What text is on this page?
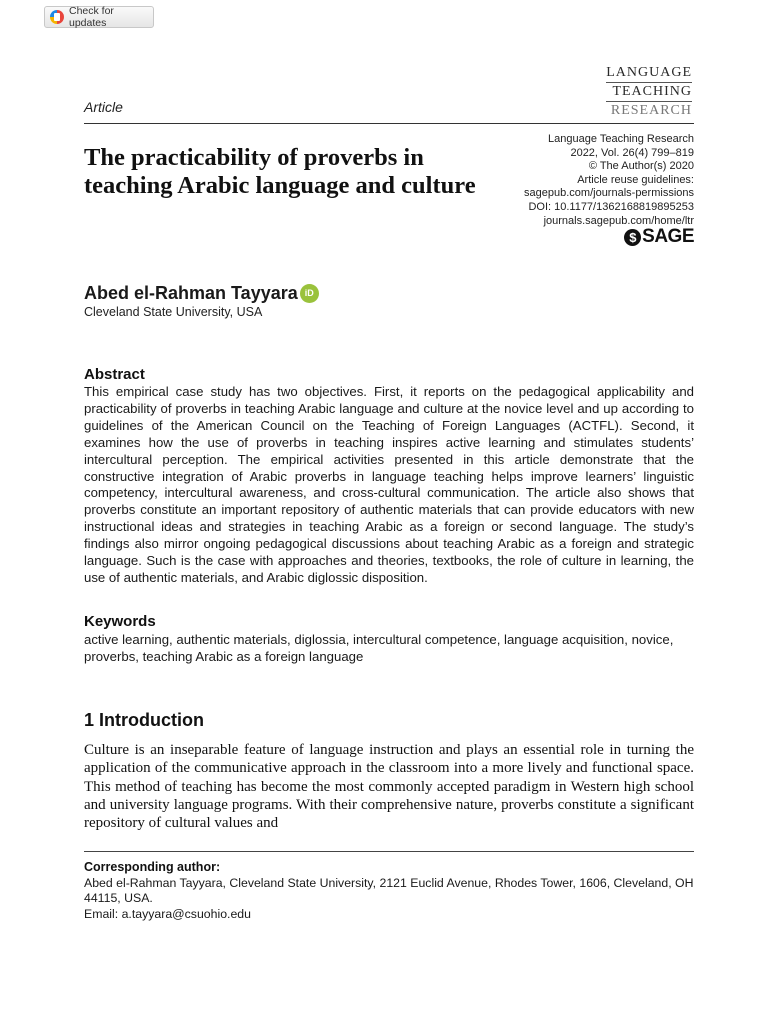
Check for updates
LANGUAGE
TEACHING
RESEARCH
Article
Language Teaching Research
2022, Vol. 26(4) 799–819
© The Author(s) 2020
Article reuse guidelines:
sagepub.com/journals-permissions
DOI: 10.1177/1362168819895253
journals.sagepub.com/home/ltr
$ SAGE
The practicability of proverbs in teaching Arabic language and culture
Abed el-Rahman Tayyara iD
Cleveland State University, USA
Abstract

This empirical case study has two objectives. First, it reports on the pedagogical applicability and practicability of proverbs in teaching Arabic language and culture at the novice level and up according to guidelines of the American Council on the Teaching of Foreign Languages (ACTFL). Second, it examines how the use of proverbs in teaching inspires active learning and stimulates students’ intercultural perception. The empirical activities presented in this article demonstrate that the constructive integration of Arabic proverbs in language teaching helps improve learners’ linguistic competency, intercultural awareness, and cross-cultural communication. The article also shows that proverbs constitute an important repository of authentic materials that can provide educators with new instructional ideas and strategies in teaching Arabic as a foreign or second language. The study’s findings also mirror ongoing pedagogical discussions about teaching Arabic as a foreign and strategic language. Such is the case with approaches and theories, textbooks, the role of culture in learning, the use of authentic materials, and Arabic diglossic disposition.

Keywords

active learning, authentic materials, diglossia, intercultural competence, language acquisition, novice, proverbs, teaching Arabic as a foreign language

1 Introduction

Culture is an inseparable feature of language instruction and plays an essential role in turning the application of the communicative approach in the classroom into a more lively and functional space. This method of teaching has become the most commonly accepted paradigm in Western high school and university language programs. With their comprehensive nature, proverbs constitute a significant repository of cultural values and

Corresponding author:

Abed el-Rahman Tayyara, Cleveland State University, 2121 Euclid Avenue, Rhodes Tower, 1606, Cleveland, OH 44115, USA.

Email: a.tayyara@csuohio.edu
